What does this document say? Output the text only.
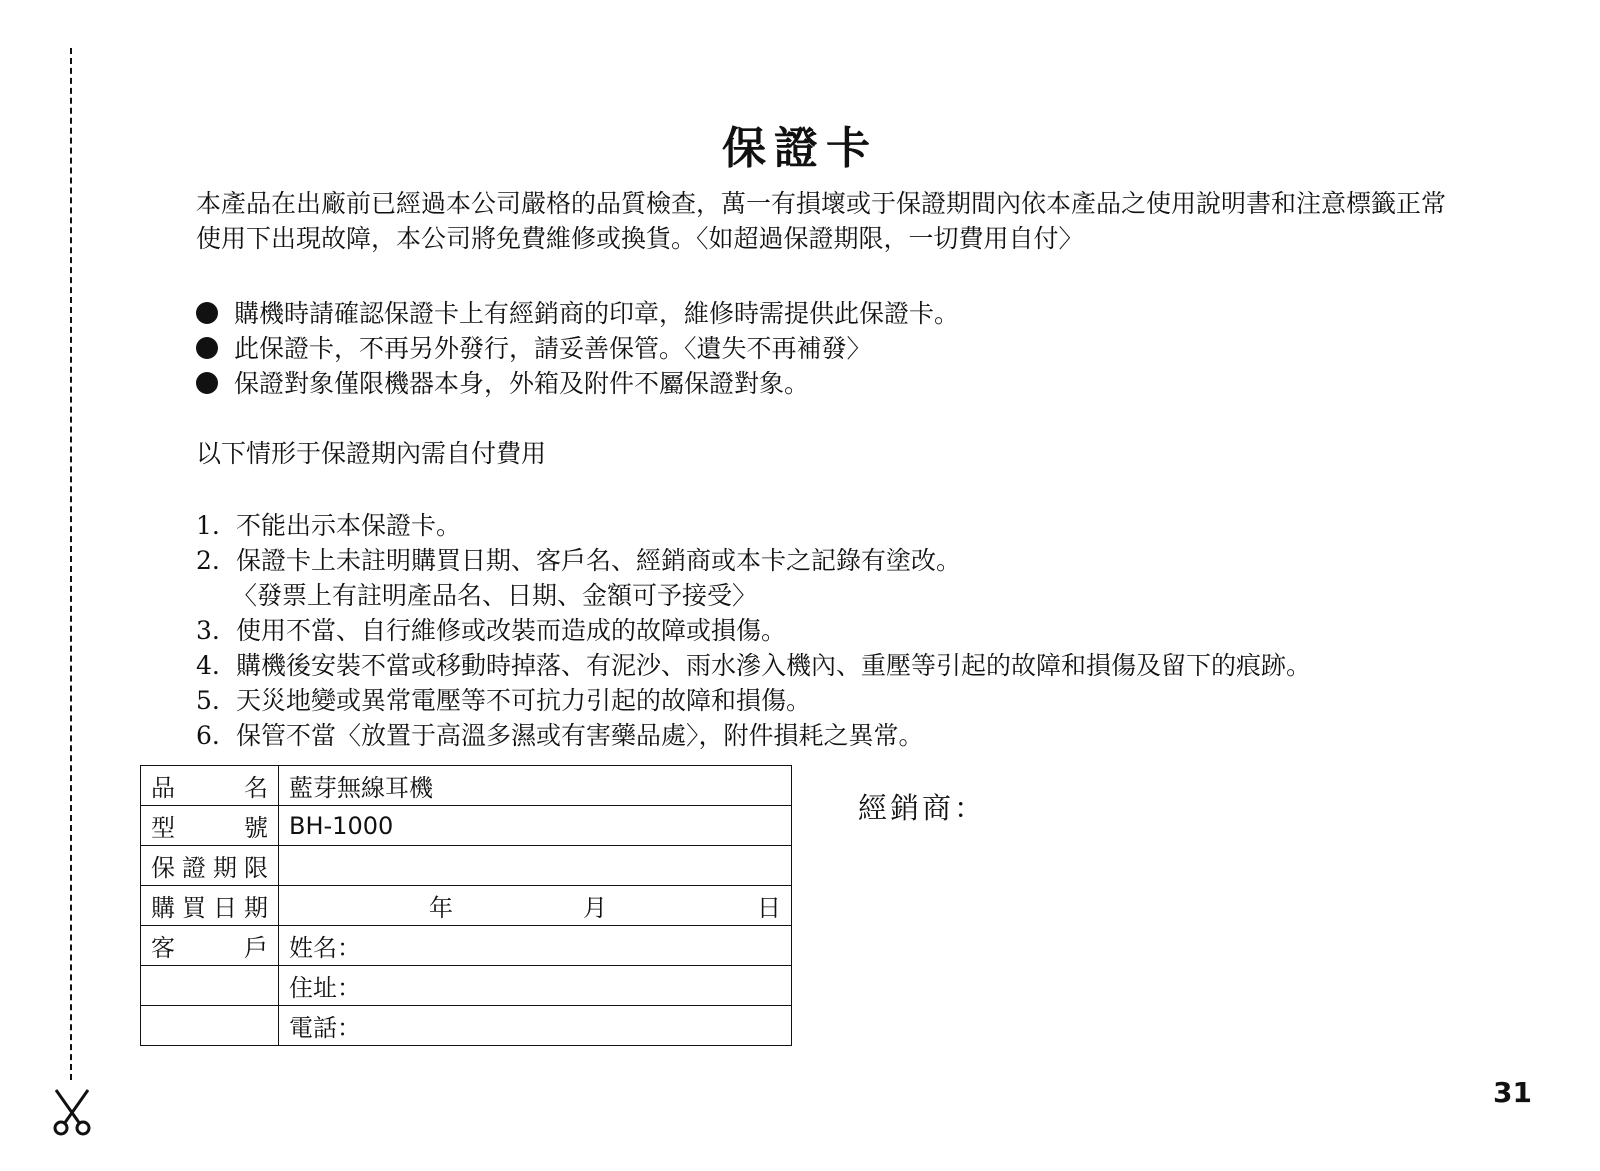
保證卡

本產品在出廠前已經過本公司嚴格的品質檢查，萬一有損壞或于保證期間內依本產品之使用說明書和注意標籤正常使用下出現故障，本公司將免費維修或換貨。〈如超過保證期限，一切費用自付〉

購機時請確認保證卡上有經銷商的印章，維修時需提供此保證卡。
此保證卡，不再另外發行，請妥善保管。〈遺失不再補發〉
保證對象僅限機器本身，外箱及附件不屬保證對象。

以下情形于保證期內需自付費用

1. 不能出示本保證卡。
2. 保證卡上未註明購買日期、客戶名、經銷商或本卡之記錄有塗改。
〈發票上有註明產品名、日期、金額可予接受〉
3. 使用不當、自行維修或改裝而造成的故障或損傷。
4. 購機後安裝不當或移動時掉落、有泥沙、雨水滲入機內、重壓等引起的故障和損傷及留下的痕跡。
5. 天災地變或異常電壓等不可抗力引起的故障和損傷。
6. 保管不當〈放置于高溫多濕或有害藥品處〉，附件損耗之異常。
品名	藍芽無線耳機
型號	BH-1000
保證期限	
購買日期	年 月 日

客戶	姓名：
	住址：
	電話：

經銷商：

31
